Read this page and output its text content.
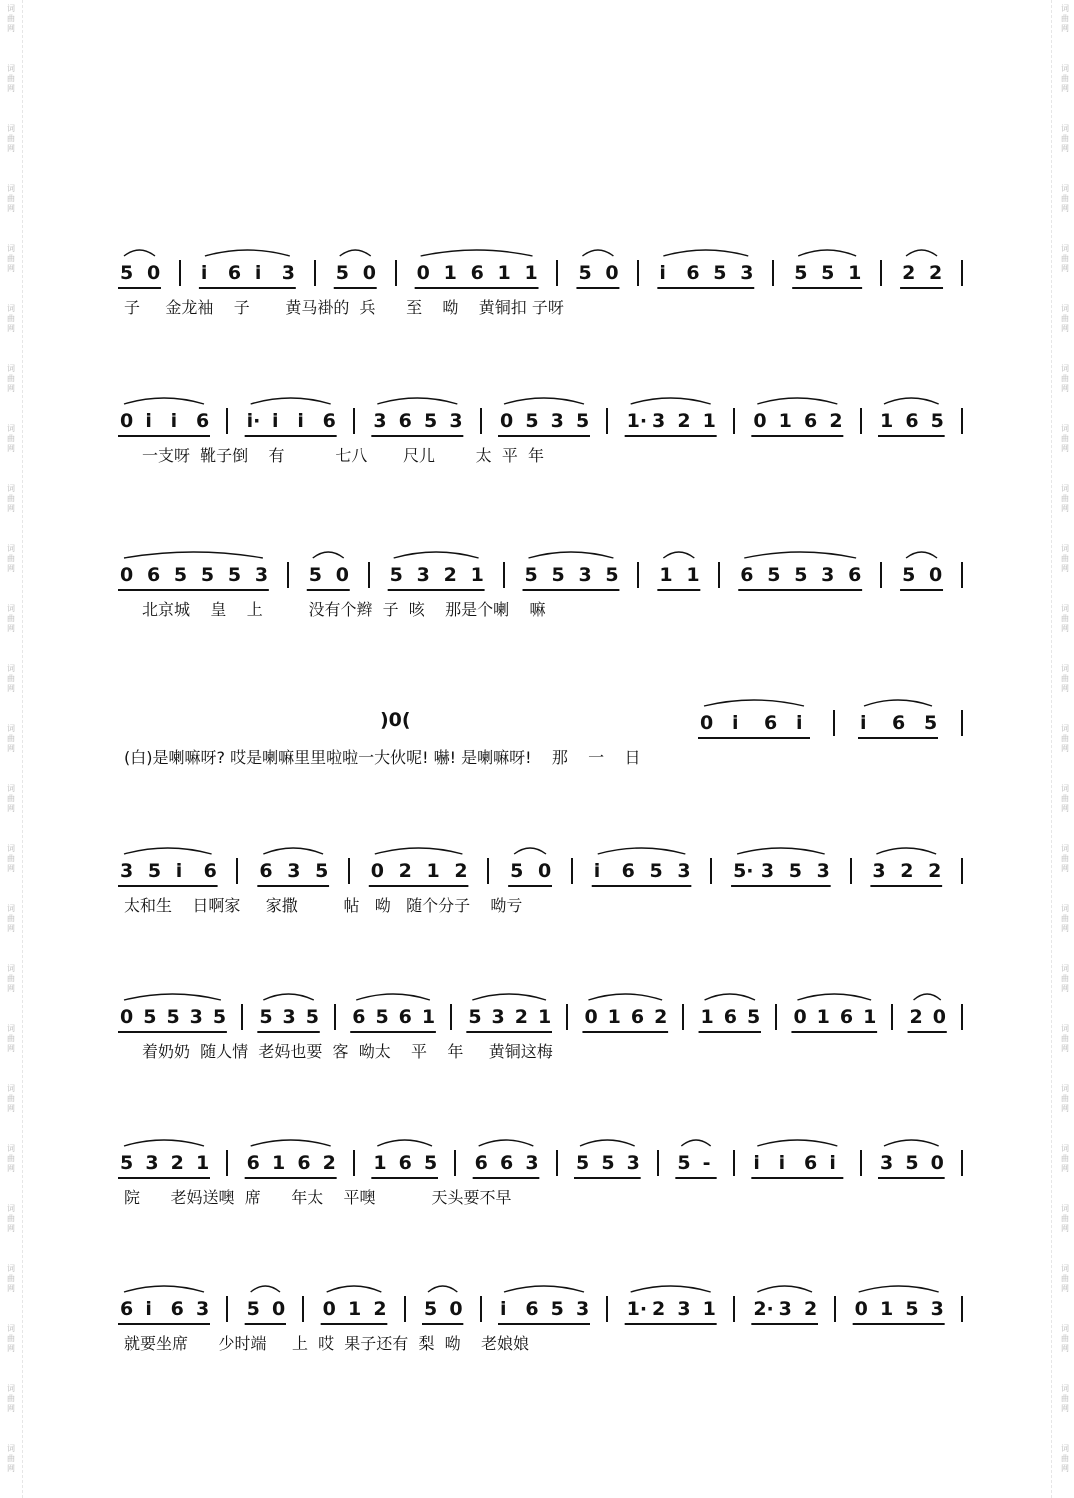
词
曲
网
词
曲
网
词
曲
网
词
曲
网
词
曲
网
词
曲
网
词
曲
网
词
曲
网
词
曲
网
词
曲
网
词
曲
网
词
曲
网
词
曲
网
词
曲
网
词
曲
网
词
曲
网
词
曲
网
词
曲
网
词
曲
网
词
曲
网
词
曲
网
词
曲
网
词
曲
网
词
曲
网
词
曲
网
词
曲
网
词
曲
网
词
曲
网
词
曲
网
词
曲
网
词
曲
网
词
曲
网
词
曲
网
词
曲
网
词
曲
网
词
曲
网
词
曲
网
词
曲
网
词
曲
网
词
曲
网
词
曲
网
词
曲
网
词
曲
网
词
曲
网
词
曲
网
词
曲
网
词
曲
网
词
曲
网
词
曲
网
词
曲
网
5 0 i 6 i 3 5 0 0 1 6 1 1 5 0 i 6 5 3 5 5 1 2 2
子     金龙袖    子       黄马褂的  兵      至    呦    黄铜扣 子呀
0 i i 6 i· i i 6 3 6 5 3 0 5 3 5 1· 3 2 1 0 1 6 2 1 6 5
一支呀  靴子倒    有          七八       尺儿        太  平  年
0 6 5 5 5 3 5 0 5 3 2 1 5 5 3 5 1 1 6 5 5 3 6 5 0
北京城    皇    上         没有个辫  子  咳    那是个喇    嘛
0 i 6 i	i 6 5
)0(
(白)是喇嘛呀? 哎是喇嘛里里啦啦一大伙呢! 嚇! 是喇嘛呀!    那    一    日
3 5 i 6 6 3 5 0 2 1 2 5 0 i 6 5 3 5· 3 5 3 3 2 2
太和生    日啊家     家撒         帖   呦   随个分子    呦亏
0 5 5 3 5 5 3 5 6 5 6 1 5 3 2 1 0 1 6 2 1 6 5 0 1 6 1 2 0
着奶奶  随人情  老妈也要  客  呦太    平    年     黄铜这梅
5 3 2 1 6 1 6 2 1 6 5 6 6 3 5 5 3 5 - i i 6 i 3 5 0
院      老妈送噢  席      年太    平噢           天头要不早
6 i 6 3 5 0 0 1 2 5 0 i 6 5 3 1· 2 3 1 2· 3 2 0 1 5 3
就要坐席      少时端     上  哎  果子还有  梨  呦    老娘娘
